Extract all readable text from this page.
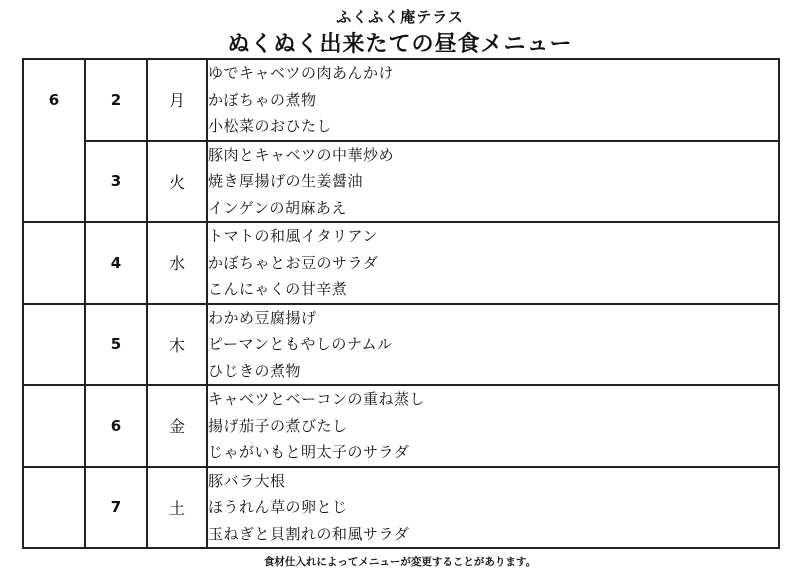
ふくふく庵テラス
ぬくぬく出来たての昼食メニュー
6	2	月	ゆでキャベツの肉あんかけ
かぼちゃの煮物
小松菜のおひたし

	3	火	豚肉とキャベツの中華炒め
焼き厚揚げの生姜醤油
インゲンの胡麻あえ

	4	水	トマトの和風イタリアン
かぼちゃとお豆のサラダ
こんにゃくの甘辛煮

	5	木	わかめ豆腐揚げ
ピーマンともやしのナムル
ひじきの煮物

	6	金	キャベツとベーコンの重ね蒸し
揚げ茄子の煮びたし
じゃがいもと明太子のサラダ

	7	土	豚バラ大根
ほうれん草の卵とじ
玉ねぎと貝割れの和風サラダ
食材仕入れによってメニューが変更することがあります。
